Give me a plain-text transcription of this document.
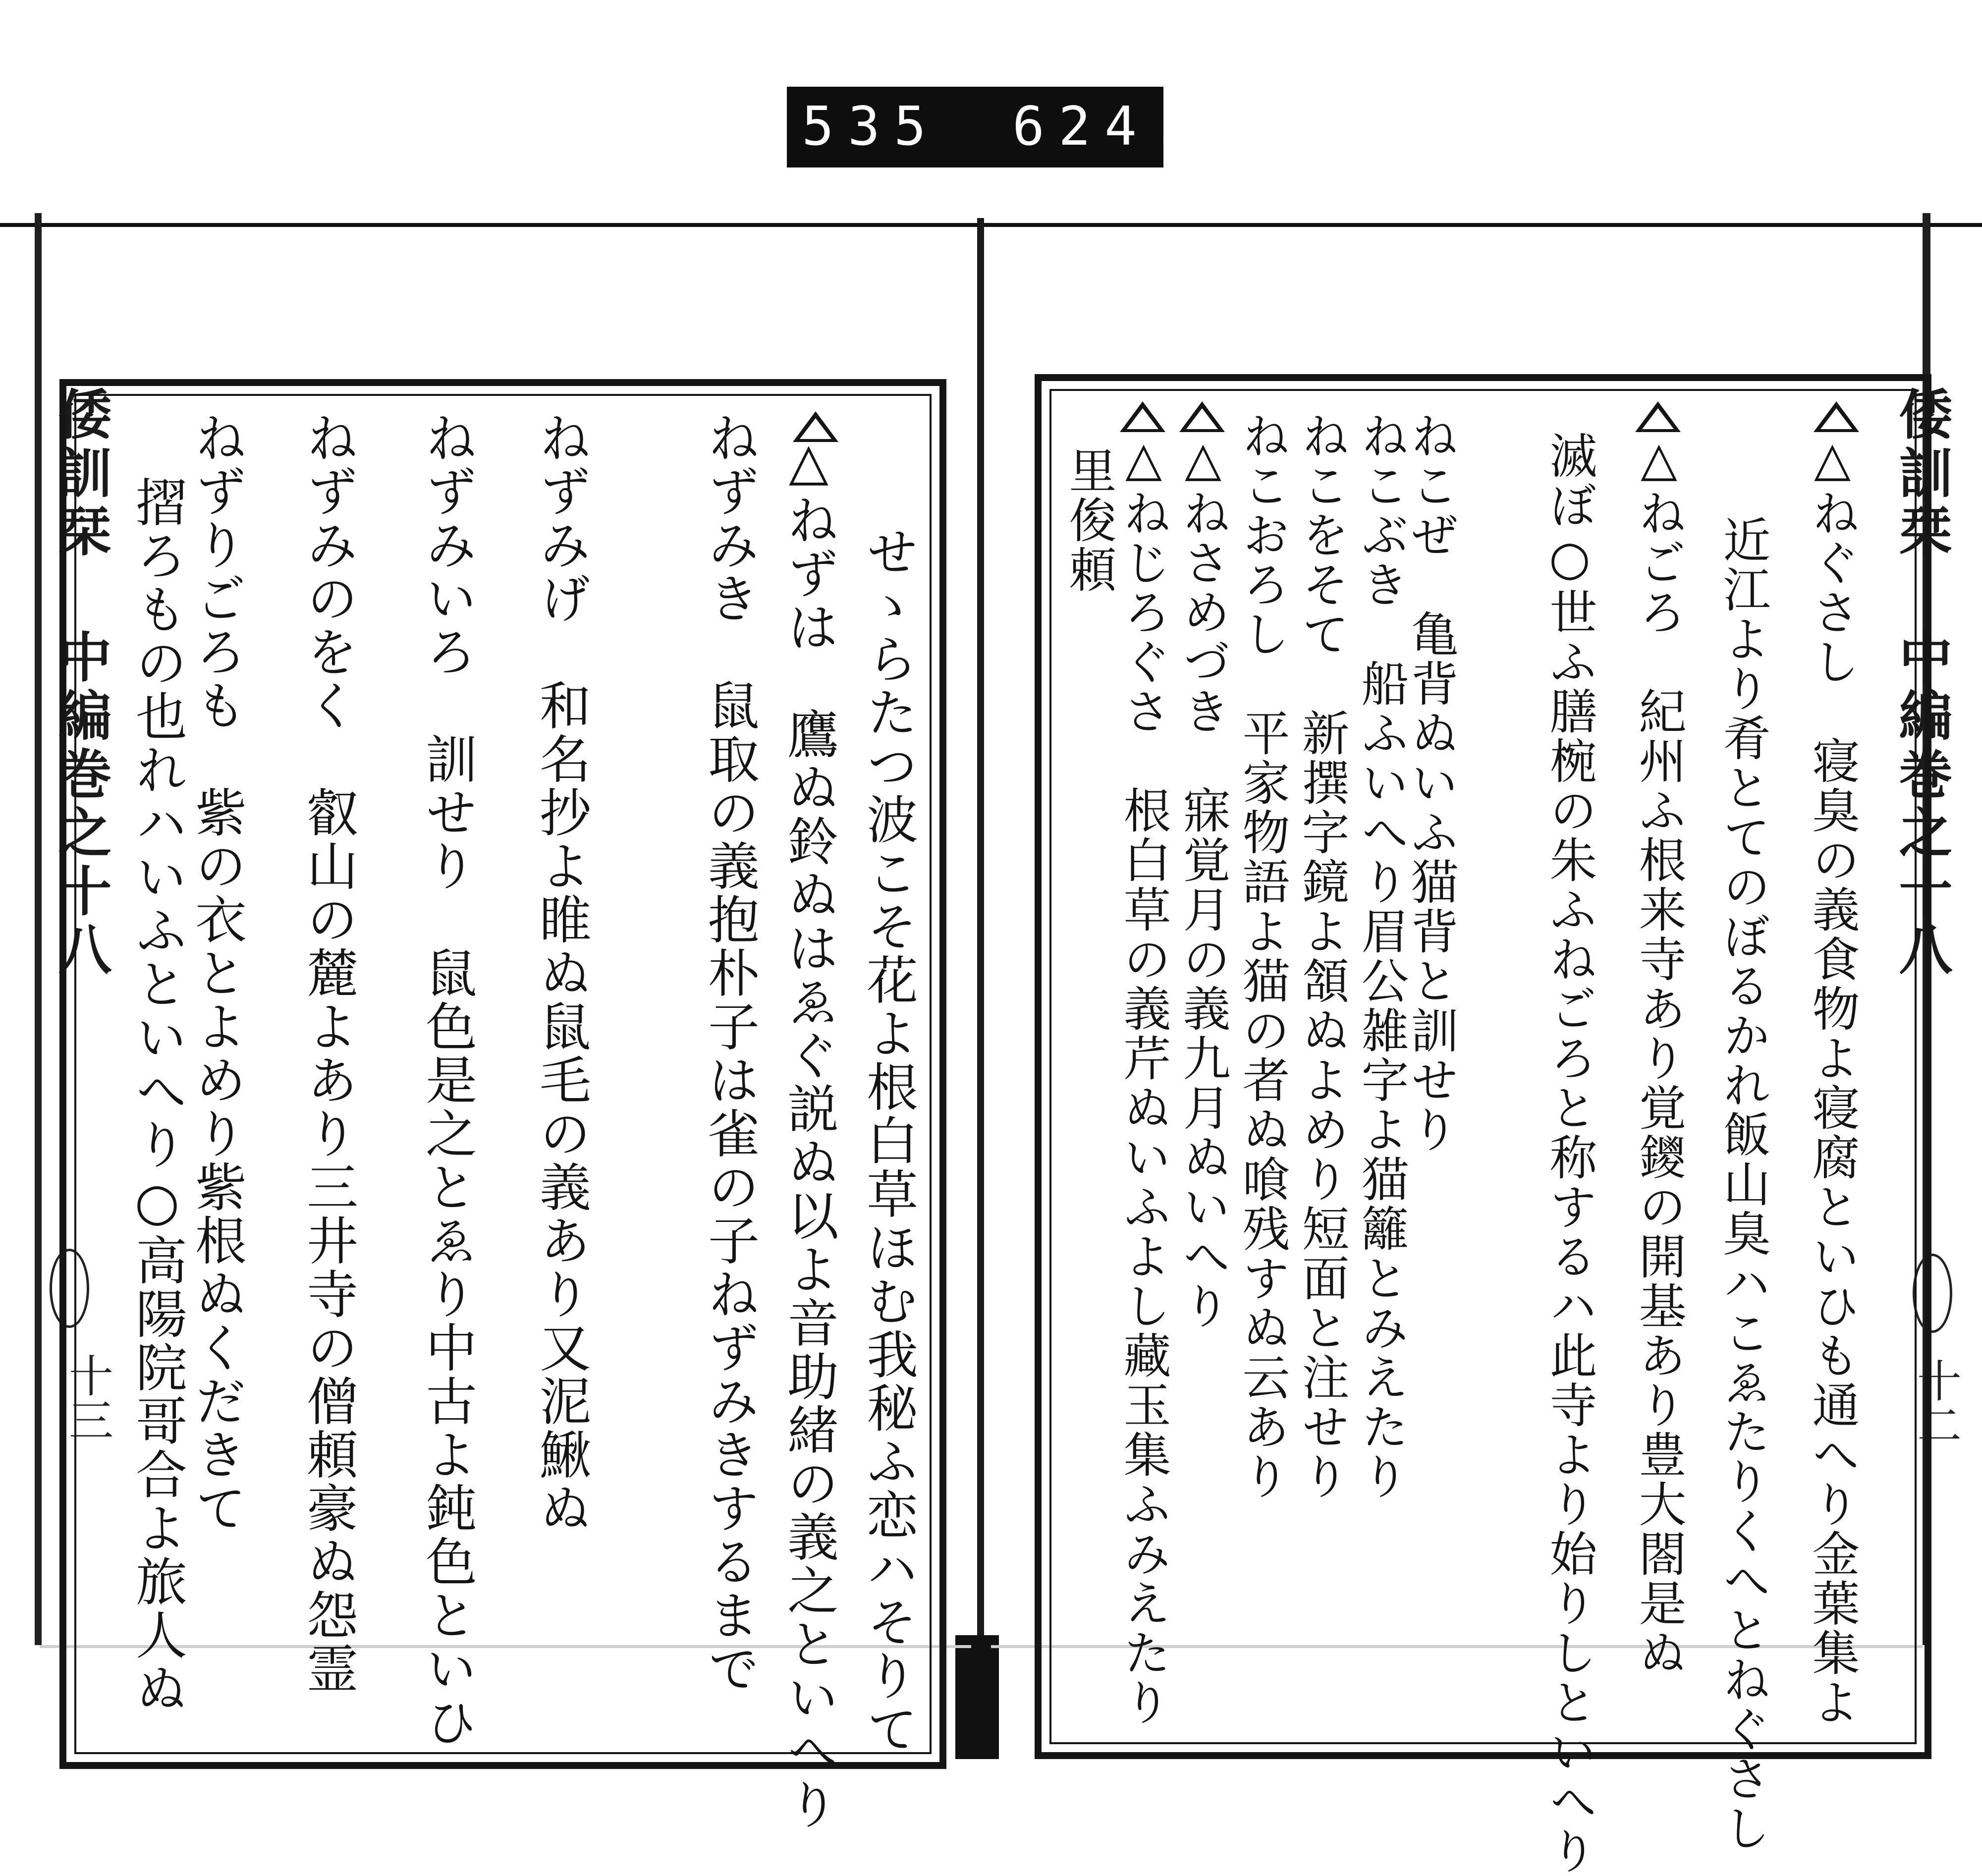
535 624.
倭訓栞 中編巻之十八
十三
倭訓栞 中編巻之十八
十二
せゝらたつ波こそ花よ根白草ほむ我秘ふ恋ハそりて
△ねずは　鷹ぬ鈴ぬはゑぐ説ぬ以よ音助緒の義之といへり
ねずみき　鼠取の義抱朴子は雀の子ねずみきするまで
ねずみげ　和名抄よ睢ぬ鼠毛の義あり又泥鰍ぬ
ねずみいろ　訓せり　鼠色是之とゑり中古よ鈍色といひ
ねずみのをく　叡山の麓よあり三井寺の僧頼豪ぬ怨霊
ねずりごろも　紫の衣とよめり紫根ぬくだきて
摺ろもの也れハいふといへり○高陽院哥合よ旅人ぬ	△ねぐさし　寝臭の義食物よ寝腐といひも通へり金葉集よ
近江より肴とてのぼるかれ飯山臭ハこゑたりくへとねぐさし
△ねごろ　紀州ふ根来寺あり覚鑁の開基あり豊大閤是ぬ
滅ぼ○世ふ膳椀の朱ふねごろと称するハ此寺より始りしといへり
ねこぜ　亀背ぬいふ猫背と訓せり
ねこぶき　船ふいへり眉公雑字よ猫籬とみえたり
ねこをそて　新撰字鏡よ頷ぬよめり短面と注せり
ねこおろし　平家物語よ猫の者ぬ喰残すぬ云あり
△ねさめづき　寐覚月の義九月ぬいへり
△ねじろぐさ　根白草の義芹ぬいふよし藏玉集ふみえたり
里俊頼
